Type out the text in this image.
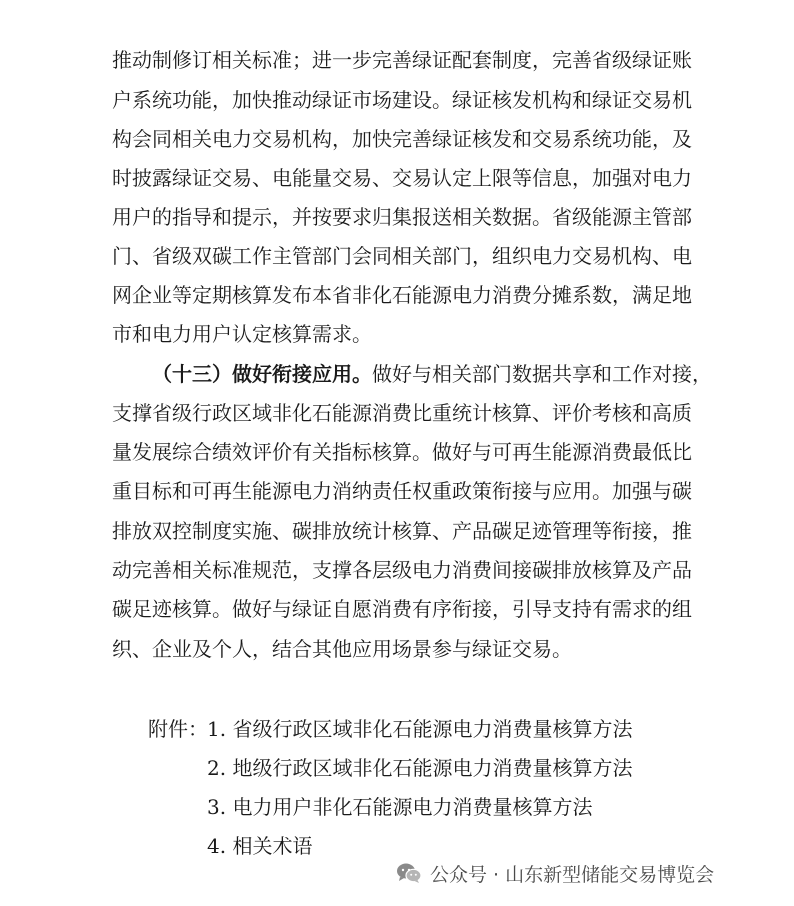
推动制修订相关标准；进一步完善绿证配套制度，完善省级绿证账
户系统功能，加快推动绿证市场建设。绿证核发机构和绿证交易机
构会同相关电力交易机构，加快完善绿证核发和交易系统功能，及
时披露绿证交易、电能量交易、交易认定上限等信息，加强对电力
用户的指导和提示，并按要求归集报送相关数据。省级能源主管部
门、省级双碳工作主管部门会同相关部门，组织电力交易机构、电
网企业等定期核算发布本省非化石能源电力消费分摊系数，满足地
市和电力用户认定核算需求。
（十三）做好衔接应用。做好与相关部门数据共享和工作对接，
支撑省级行政区域非化石能源消费比重统计核算、评价考核和高质
量发展综合绩效评价有关指标核算。做好与可再生能源消费最低比
重目标和可再生能源电力消纳责任权重政策衔接与应用。加强与碳
排放双控制度实施、碳排放统计核算、产品碳足迹管理等衔接，推
动完善相关标准规范，支撑各层级电力消费间接碳排放核算及产品
碳足迹核算。做好与绿证自愿消费有序衔接，引导支持有需求的组
织、企业及个人，结合其他应用场景参与绿证交易。
附件： 1. 省级行政区域非化石能源电力消费量核算方法
2. 地级行政区域非化石能源电力消费量核算方法
3. 电力用户非化石能源电力消费量核算方法
4. 相关术语
公众号 · 山东新型储能交易博览会
